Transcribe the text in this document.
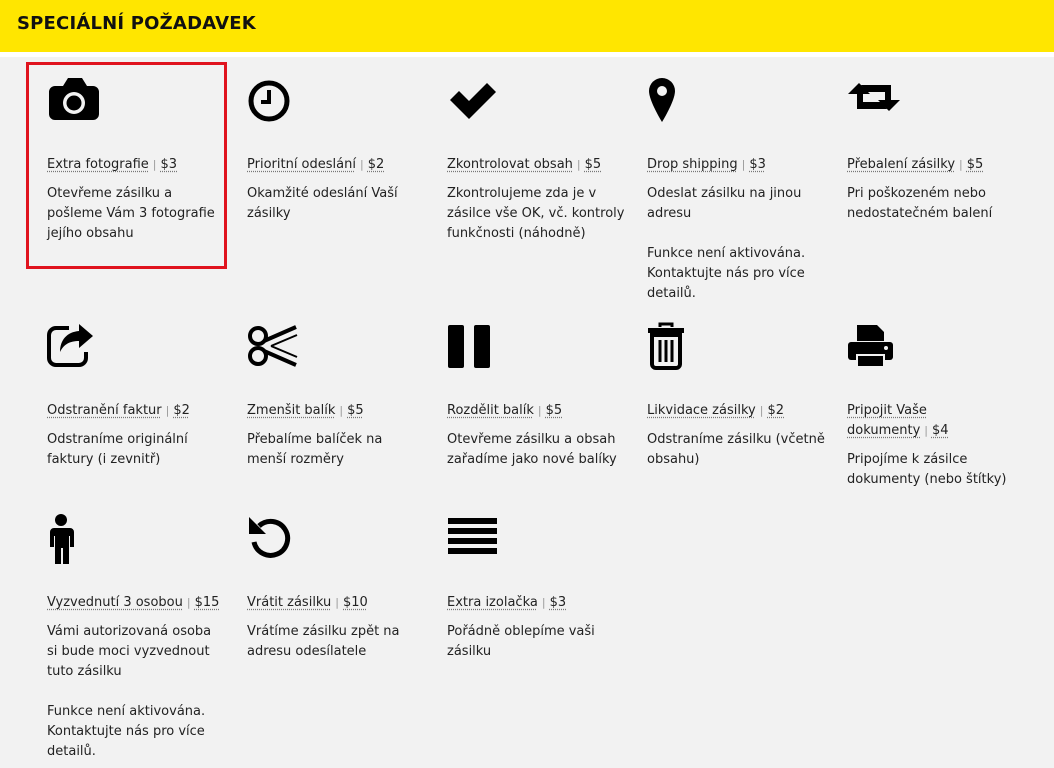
SPECIÁLNÍ POŽADAVEK
Extra fotografie | $3
Otevřeme zásilku a pošleme Vám 3 fotografie jejího obsahu
Prioritní odeslání | $2
Okamžité odeslání Vaší zásilky
Zkontrolovat obsah | $5
Zkontrolujeme zda je v zásilce vše OK, vč. kontroly funkčnosti (náhodně)
Drop shipping | $3
Odeslat zásilku na jinou adresu
Funkce není aktivována. Kontaktujte nás pro více detailů.
Přebalení zásilky | $5
Pri poškozeném nebo nedostatečném balení
Odstranění faktur | $2
Odstraníme originální faktury (i zevnitř)
Zmenšit balík | $5
Přebalíme balíček na menší rozměry
Rozdělit balík | $5
Otevřeme zásilku a obsah zařadíme jako nové balíky
Likvidace zásilky | $2
Odstraníme zásilku (včetně obsahu)
Pripojit Vaše dokumenty | $4
Pripojíme k zásilce dokumenty (nebo štítky)
Vyzvednutí 3 osobou | $15
Vámi autorizovaná osoba si bude moci vyzvednout tuto zásilku
Funkce není aktivována. Kontaktujte nás pro více detailů.
Vrátit zásilku | $10
Vrátíme zásilku zpět na adresu odesílatele
Extra izolačka | $3
Pořádně oblepíme vaši zásilku
